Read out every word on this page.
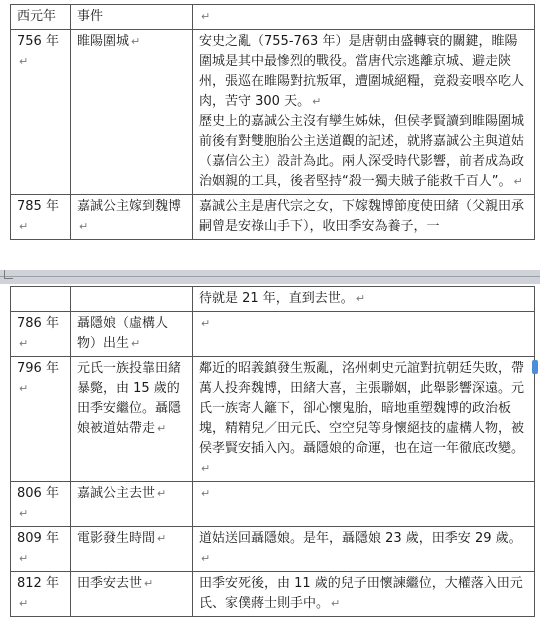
西元年	事件	↵
756 年↵	睢陽圍城 ↵	安史之亂（755-763 年）是唐朝由盛轉衰的關鍵，睢陽圍城是其中最慘烈的戰役。當唐代宗逃離京城、避走陝州，張巡在睢陽對抗叛軍，遭圍城絕糧，竟殺妾喂卒吃人肉，苦守 300 天。 ↵
歷史上的嘉誠公主沒有孿生姊妹，但侯孝賢讀到睢陽圍城前後有對雙胞胎公主送道觀的記述，就將嘉誠公主與道姑（嘉信公主）設計為此。兩人深受時代影響，前者成為政治姻親的工具，後者堅持“殺一獨夫賊子能救千百人”。 ↵

785 年↵	嘉誠公主嫁到魏博↵	嘉誠公主是唐代宗之女，下嫁魏博節度使田緒（父親田承嗣曾是安祿山手下），收田季安為養子，一
		待就是 21 年，直到去世。 ↵
786 年↵	聶隱娘（虛構人物）出生 ↵	↵
796 年↵	元氏一族投靠田緒暴斃，由 15 歲的田季安繼位。聶隱娘被道姑帶走 ↵	鄰近的昭義鎮發生叛亂，洺州刺史元誼對抗朝廷失敗，帶萬人投奔魏博，田緒大喜，主張聯姻，此舉影響深遠。元氏一族寄人籬下，卻心懷鬼胎，暗地重塑魏博的政治板塊，精精兒／田元氏、空空兒等身懷絕技的虛構人物，被侯孝賢安插入內。聶隱娘的命運，也在這一年徹底改變。↵
806 年↵	嘉誠公主去世 ↵	↵
809 年↵	電影發生時間 ↵	道姑送回聶隱娘。是年，聶隱娘 23 歲，田季安 29 歲。↵
812 年↵	田季安去世 ↵	田季安死後，由 11 歲的兒子田懷諫繼位，大權落入田元氏、家僕蔣士則手中。 ↵
